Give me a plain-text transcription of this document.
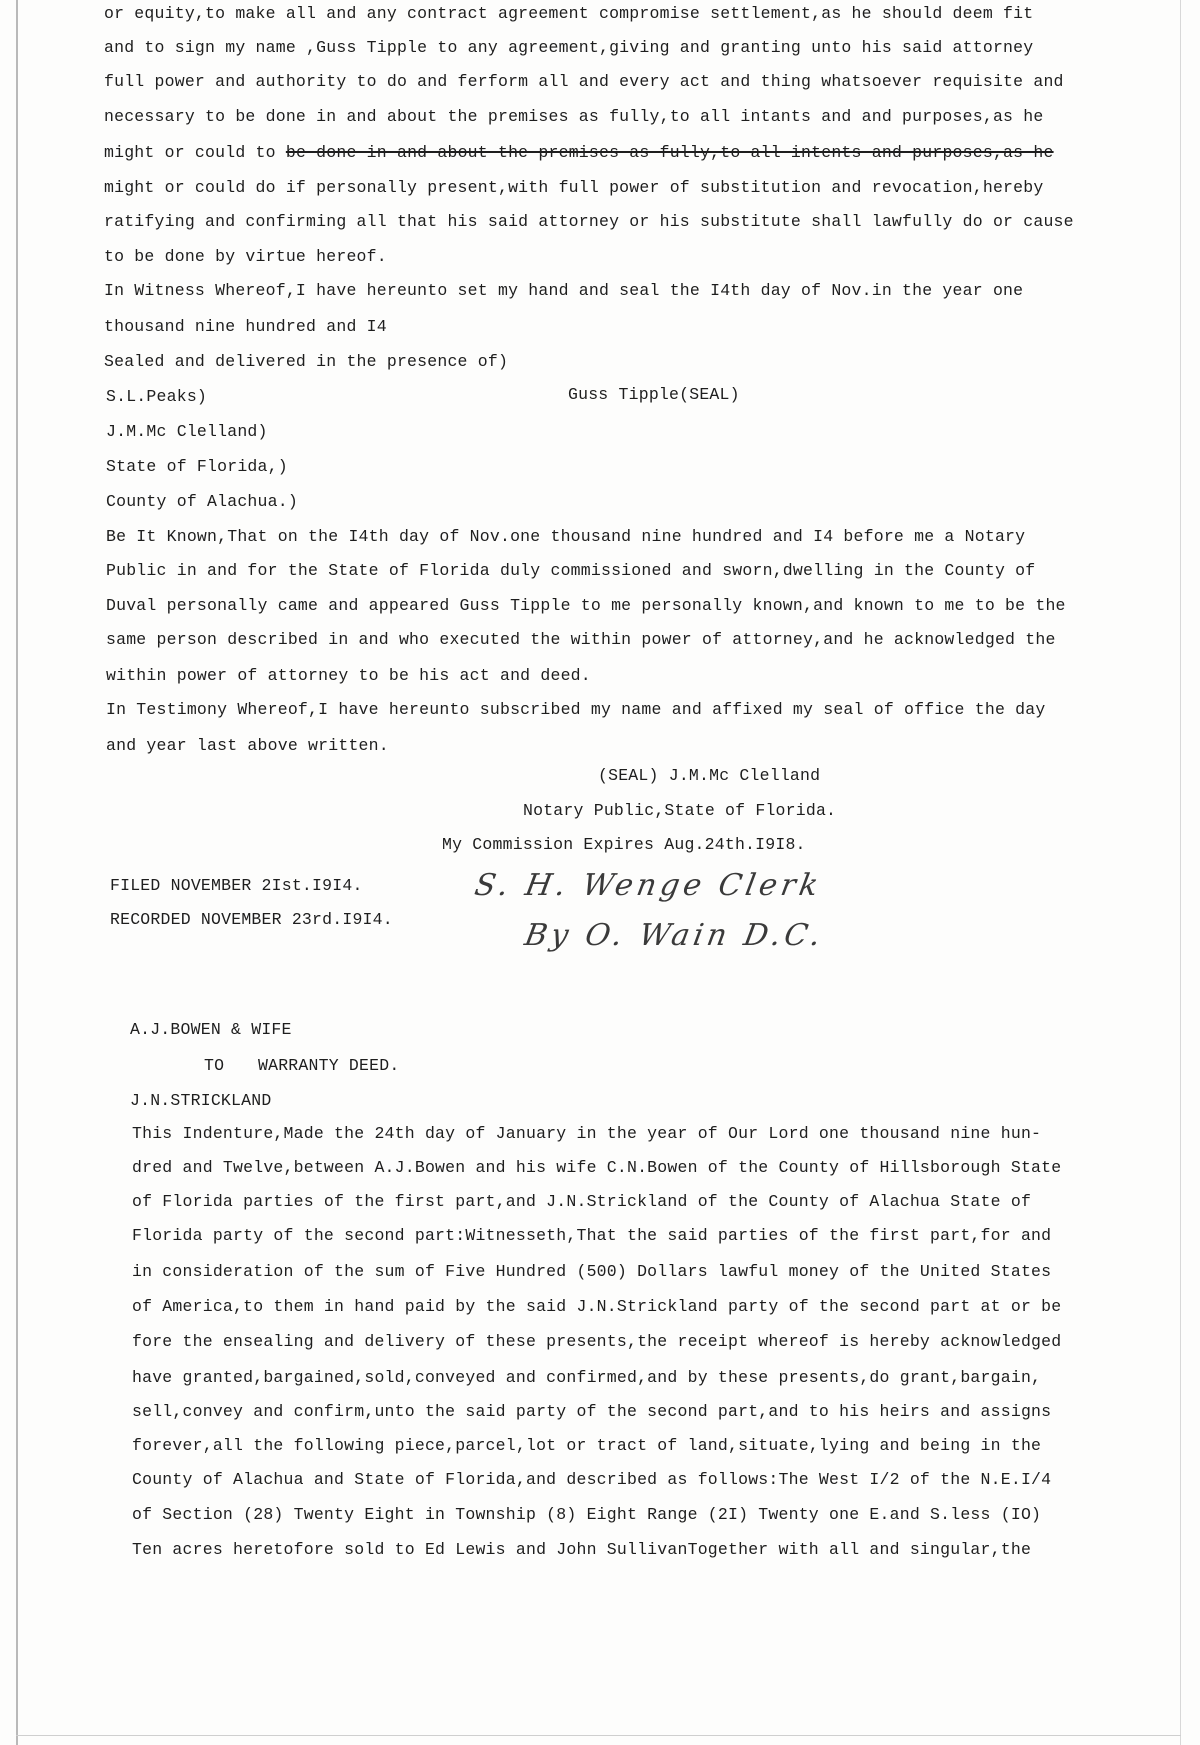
or equity,to make all and any contract agreement compromise settlement,as he should deem fit
and to sign my name ,Guss Tipple to any agreement,giving and granting unto his said attorney
full power and authority to do and ferform all and every act and thing whatsoever requisite and
necessary to be done in and about the premises as fully,to all intants and and purposes,as he
might or could to be done in and about the premises as fully,to all intents and purposes,as he
might or could do if personally present,with full power of substitution and revocation,hereby
ratifying and confirming all that his said attorney or his substitute shall lawfully do or cause
to be done by virtue hereof.
In Witness Whereof,I have hereunto set my hand and seal the I4th day of Nov.in the year one
thousand nine hundred and I4
Sealed and delivered in the presence of)
S.L.Peaks)	Guss Tipple(SEAL)
J.M.Mc Clelland)
State of Florida,)
County of Alachua.)
Be It Known,That on the I4th day of Nov.one thousand nine hundred and I4 before me a Notary
Public in and for the State of Florida duly commissioned and sworn,dwelling in the County of
Duval personally came and appeared Guss Tipple to me personally known,and known to me to be the
same person described in and who executed the within power of attorney,and he acknowledged the
within power of attorney to be his act and deed.
In Testimony Whereof,I have hereunto subscribed my name and affixed my seal of office the day
and year last above written.
(SEAL) J.M.Mc Clelland
Notary Public,State of Florida.
My Commission Expires Aug.24th.I9I8.
FILED NOVEMBER 2Ist.I9I4.
RECORDED NOVEMBER 23rd.I9I4.
S. H. Wenge Clerk
By O. Wain D.C.
A.J.BOWEN & WIFE
TO WARRANTY DEED.
J.N.STRICKLAND
This Indenture,Made the 24th day of January in the year of Our Lord one thousand nine hun-
dred and Twelve,between A.J.Bowen and his wife C.N.Bowen of the County of Hillsborough State
of Florida parties of the first part,and J.N.Strickland of the County of Alachua State of
Florida party of the second part:Witnesseth,That the said parties of the first part,for and
in consideration of the sum of Five Hundred (500) Dollars lawful money of the United States
of America,to them in hand paid by the said J.N.Strickland party of the second part at or be
fore the ensealing and delivery of these presents,the receipt whereof is hereby acknowledged
have granted,bargained,sold,conveyed and confirmed,and by these presents,do grant,bargain,
sell,convey and confirm,unto the said party of the second part,and to his heirs and assigns
forever,all the following piece,parcel,lot or tract of land,situate,lying and being in the
County of Alachua and State of Florida,and described as follows:The West I/2 of the N.E.I/4
of Section (28) Twenty Eight in Township (8) Eight Range (2I) Twenty one E.and S.less (IO)
Ten acres heretofore sold to Ed Lewis and John SullivanTogether with all and singular,the
